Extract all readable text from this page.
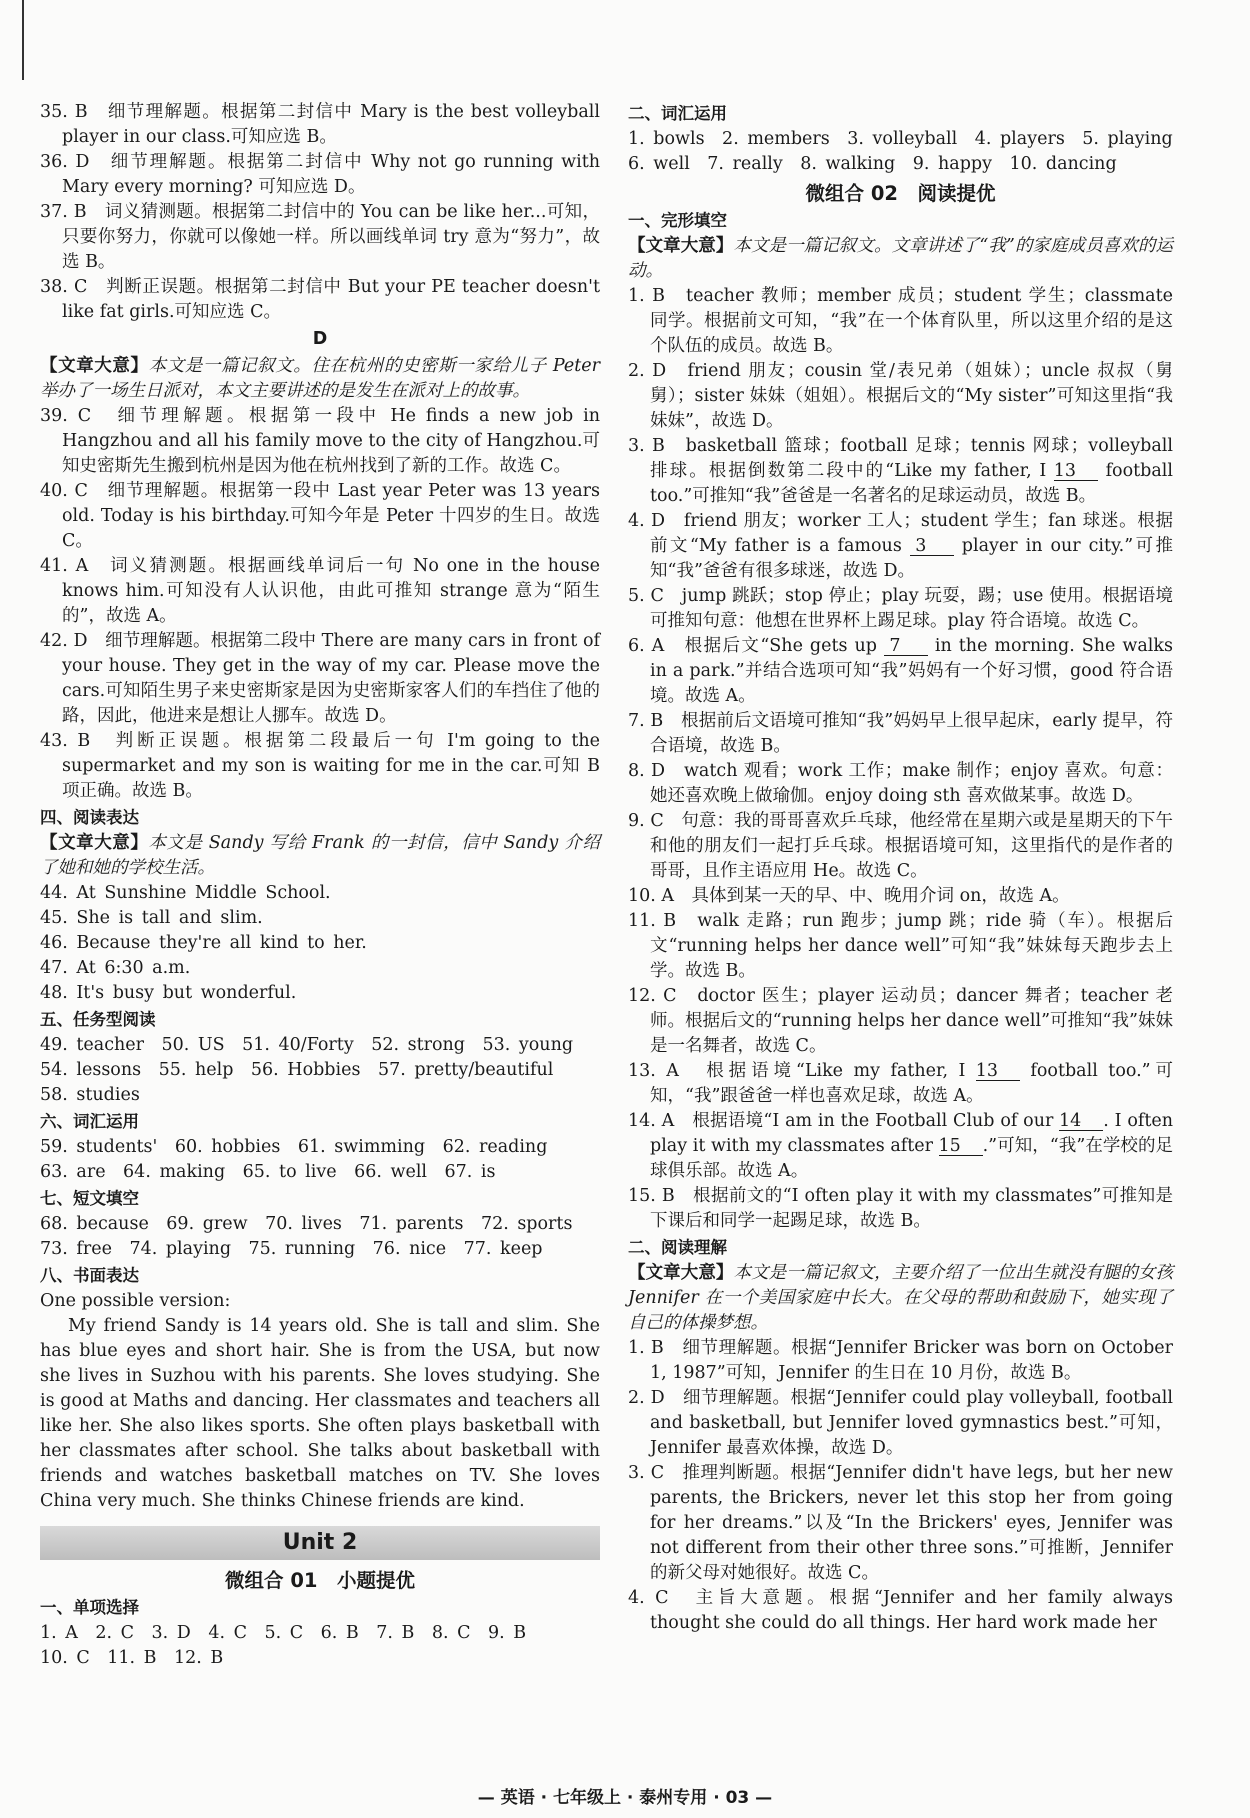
35. B　细节理解题。根据第二封信中 Mary is the best volleyball player in our class.可知应选 B。

36. D　细节理解题。根据第二封信中 Why not go running with Mary every morning? 可知应选 D。

37. B　词义猜测题。根据第二封信中的 You can be like her...可知，只要你努力，你就可以像她一样。所以画线单词 try 意为“努力”，故选 B。

38. C　判断正误题。根据第二封信中 But your PE teacher doesn't like fat girls.可知应选 C。

D

【文章大意】本文是一篇记叙文。住在杭州的史密斯一家给儿子 Peter 举办了一场生日派对，本文主要讲述的是发生在派对上的故事。

39. C　细节理解题。根据第一段中 He finds a new job in Hangzhou and all his family move to the city of Hangzhou.可知史密斯先生搬到杭州是因为他在杭州找到了新的工作。故选 C。

40. C　细节理解题。根据第一段中 Last year Peter was 13 years old. Today is his birthday.可知今年是 Peter 十四岁的生日。故选 C。

41. A　词义猜测题。根据画线单词后一句 No one in the house knows him.可知没有人认识他，由此可推知 strange 意为“陌生的”，故选 A。

42. D　细节理解题。根据第二段中 There are many cars in front of your house. They get in the way of my car. Please move the cars.可知陌生男子来史密斯家是因为史密斯家客人们的车挡住了他的路，因此，他进来是想让人挪车。故选 D。

43. B　判断正误题。根据第二段最后一句 I'm going to the supermarket and my son is waiting for me in the car.可知 B 项正确。故选 B。

四、阅读表达

【文章大意】本文是 Sandy 写给 Frank 的一封信，信中 Sandy 介绍了她和她的学校生活。

44. At Sunshine Middle School.
45. She is tall and slim.
46. Because they're all kind to her.
47. At 6:30 a.m.
48. It's busy but wonderful.
五、任务型阅读
49. teacher　50. US　51. 40/Forty　52. strong　53. young
54. lessons　55. help　56. Hobbies　57. pretty/beautiful
58. studies
六、词汇运用
59. students'　60. hobbies　61. swimming　62. reading
63. are　64. making　65. to live　66. well　67. is
七、短文填空
68. because　69. grew　70. lives　71. parents　72. sports
73. free　74. playing　75. running　76. nice　77. keep
八、书面表达

One possible version:

My friend Sandy is 14 years old. She is tall and slim. She has blue eyes and short hair. She is from the USA, but now she lives in Suzhou with his parents. She loves studying. She is good at Maths and dancing. Her classmates and teachers all like her. She also likes sports. She often plays basketball with her classmates after school. She talks about basketball with friends and watches basketball matches on TV. She loves China very much. She thinks Chinese friends are kind.

Unit 2
微组合 01　小题提优
一、单项选择
1. A　2. C　3. D　4. C　5. C　6. B　7. B　8. C　9. B
10. C　11. B　12. B
二、词汇运用
1. bowls　2. members　3. volleyball　4. players　5. playing
6. well　7. really　8. walking　9. happy　10. dancing
微组合 02　阅读提优
一、完形填空

【文章大意】本文是一篇记叙文。文章讲述了“我”的家庭成员喜欢的运动。

1. B　teacher 教师；member 成员；student 学生；classmate 同学。根据前文可知，“我”在一个体育队里，所以这里介绍的是这个队伍的成员。故选 B。

2. D　friend 朋友；cousin 堂/表兄弟（姐妹）；uncle 叔叔（舅舅）；sister 妹妹（姐姐）。根据后文的“My sister”可知这里指“我妹妹”，故选 D。

3. B　basketball 篮球；football 足球；tennis 网球；volleyball 排球。根据倒数第二段中的“Like my father, I 13 football too.”可推知“我”爸爸是一名著名的足球运动员，故选 B。

4. D　friend 朋友；worker 工人；student 学生；fan 球迷。根据前文“My father is a famous 3 player in our city.”可推知“我”爸爸有很多球迷，故选 D。

5. C　jump 跳跃；stop 停止；play 玩耍，踢；use 使用。根据语境可推知句意：他想在世界杯上踢足球。play 符合语境。故选 C。

6. A　根据后文“She gets up 7 in the morning. She walks in a park.”并结合选项可知“我”妈妈有一个好习惯，good 符合语境。故选 A。

7. B　根据前后文语境可推知“我”妈妈早上很早起床，early 提早，符合语境，故选 B。

8. D　watch 观看；work 工作；make 制作；enjoy 喜欢。句意：她还喜欢晚上做瑜伽。enjoy doing sth 喜欢做某事。故选 D。

9. C　句意：我的哥哥喜欢乒乓球，他经常在星期六或是星期天的下午和他的朋友们一起打乒乓球。根据语境可知，这里指代的是作者的哥哥，且作主语应用 He。故选 C。

10. A　具体到某一天的早、中、晚用介词 on，故选 A。

11. B　walk 走路；run 跑步；jump 跳；ride 骑（车）。根据后文“running helps her dance well”可知“我”妹妹每天跑步去上学。故选 B。

12. C　doctor 医生；player 运动员；dancer 舞者；teacher 老师。根据后文的“running helps her dance well”可推知“我”妹妹是一名舞者，故选 C。

13. A　根据语境“Like my father, I 13 football too.”可知，“我”跟爸爸一样也喜欢足球，故选 A。

14. A　根据语境“I am in the Football Club of our 14 . I often play it with my classmates after 15 .”可知，“我”在学校的足球俱乐部。故选 A。

15. B　根据前文的“I often play it with my classmates”可推知是下课后和同学一起踢足球，故选 B。

二、阅读理解

【文章大意】本文是一篇记叙文，主要介绍了一位出生就没有腿的女孩 Jennifer 在一个美国家庭中长大。在父母的帮助和鼓励下，她实现了自己的体操梦想。

1. B　细节理解题。根据“Jennifer Bricker was born on October 1, 1987”可知，Jennifer 的生日在 10 月份，故选 B。

2. D　细节理解题。根据“Jennifer could play volleyball, football and basketball, but Jennifer loved gymnastics best.”可知，Jennifer 最喜欢体操，故选 D。

3. C　推理判断题。根据“Jennifer didn't have legs, but her new parents, the Brickers, never let this stop her from going for her dreams.”以及“In the Brickers' eyes, Jennifer was not different from their other three sons.”可推断，Jennifer 的新父母对她很好。故选 C。

4. C　主旨大意题。根据“Jennifer and her family always thought she could do all things. Her hard work made her

— 英语 · 七年级上 · 泰州专用 · 03 —
